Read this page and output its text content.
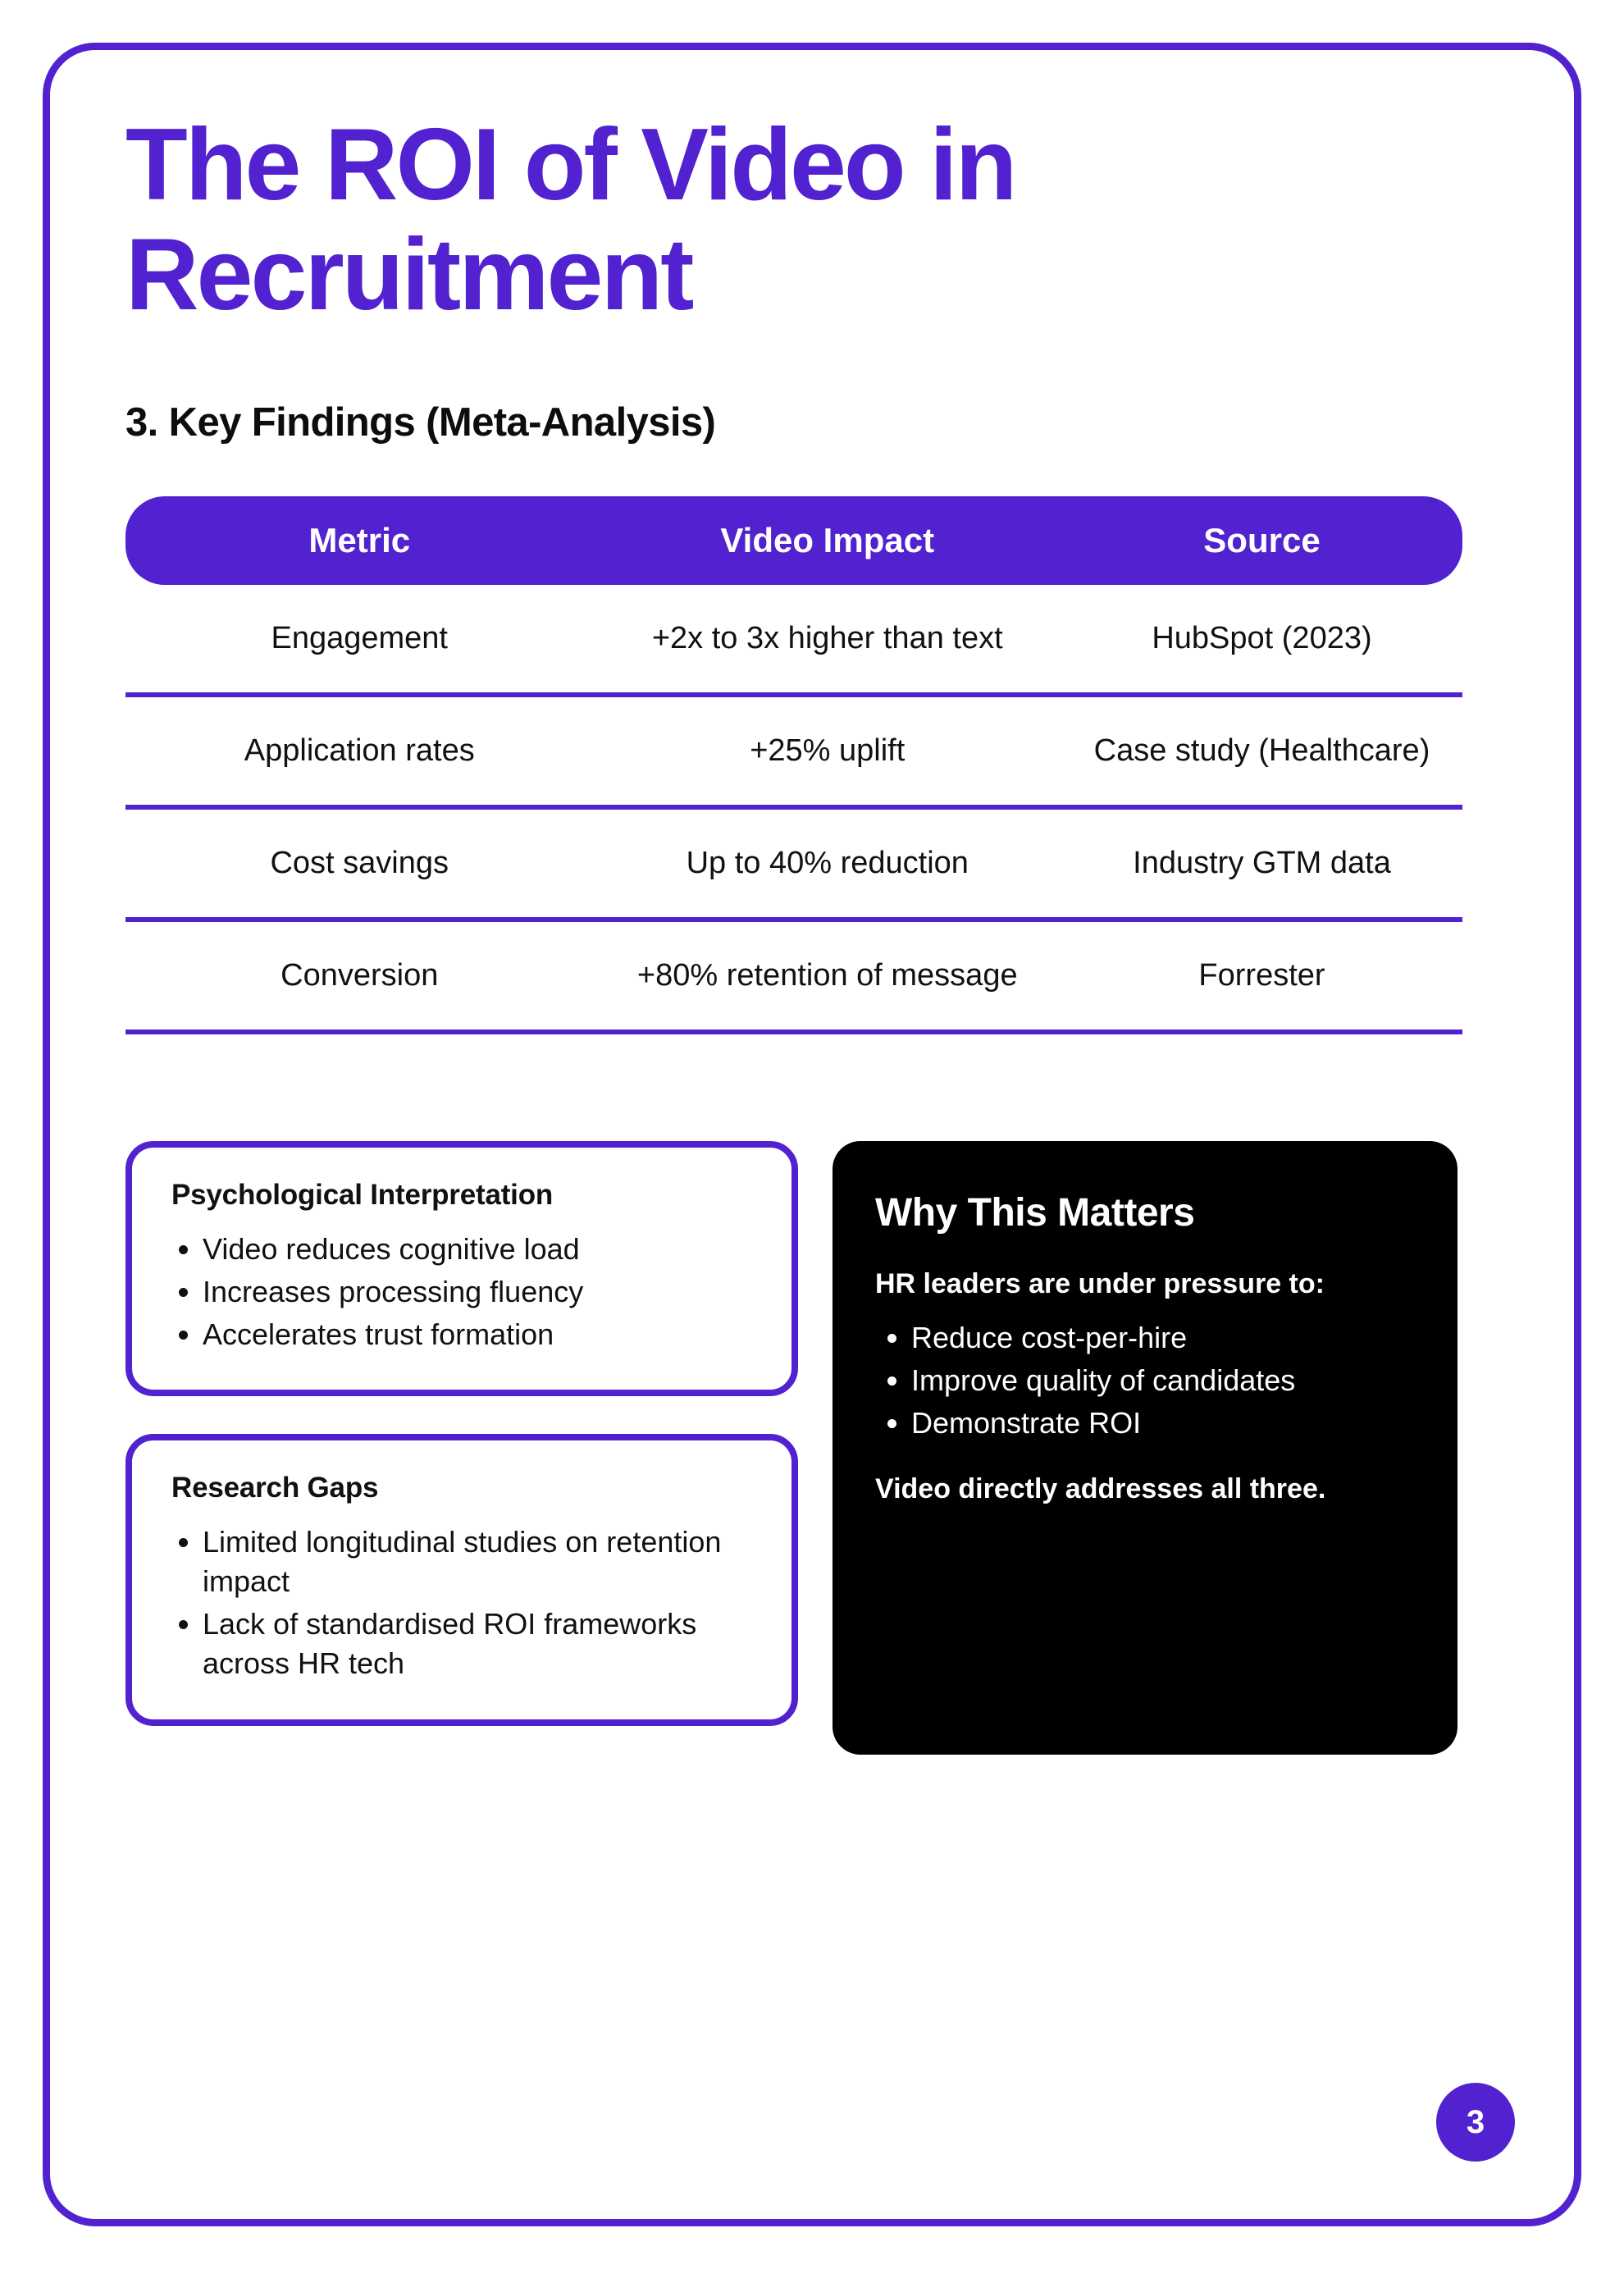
The ROI of Video in Recruitment
3. Key Findings (Meta-Analysis)
Metric	Video Impact	Source
Engagement	+2x to 3x higher than text	HubSpot (2023)
Application rates	+25% uplift	Case study (Healthcare)
Cost savings	Up to 40% reduction	Industry GTM data
Conversion	+80% retention of message	Forrester
Psychological Interpretation
• Video reduces cognitive load
• Increases processing fluency
• Accelerates trust formation
Research Gaps
• Limited longitudinal studies on retention impact
• Lack of standardised ROI frameworks across HR tech
Why This Matters
HR leaders are under pressure to:
• Reduce cost-per-hire
• Improve quality of candidates
• Demonstrate ROI
Video directly addresses all three.
3
